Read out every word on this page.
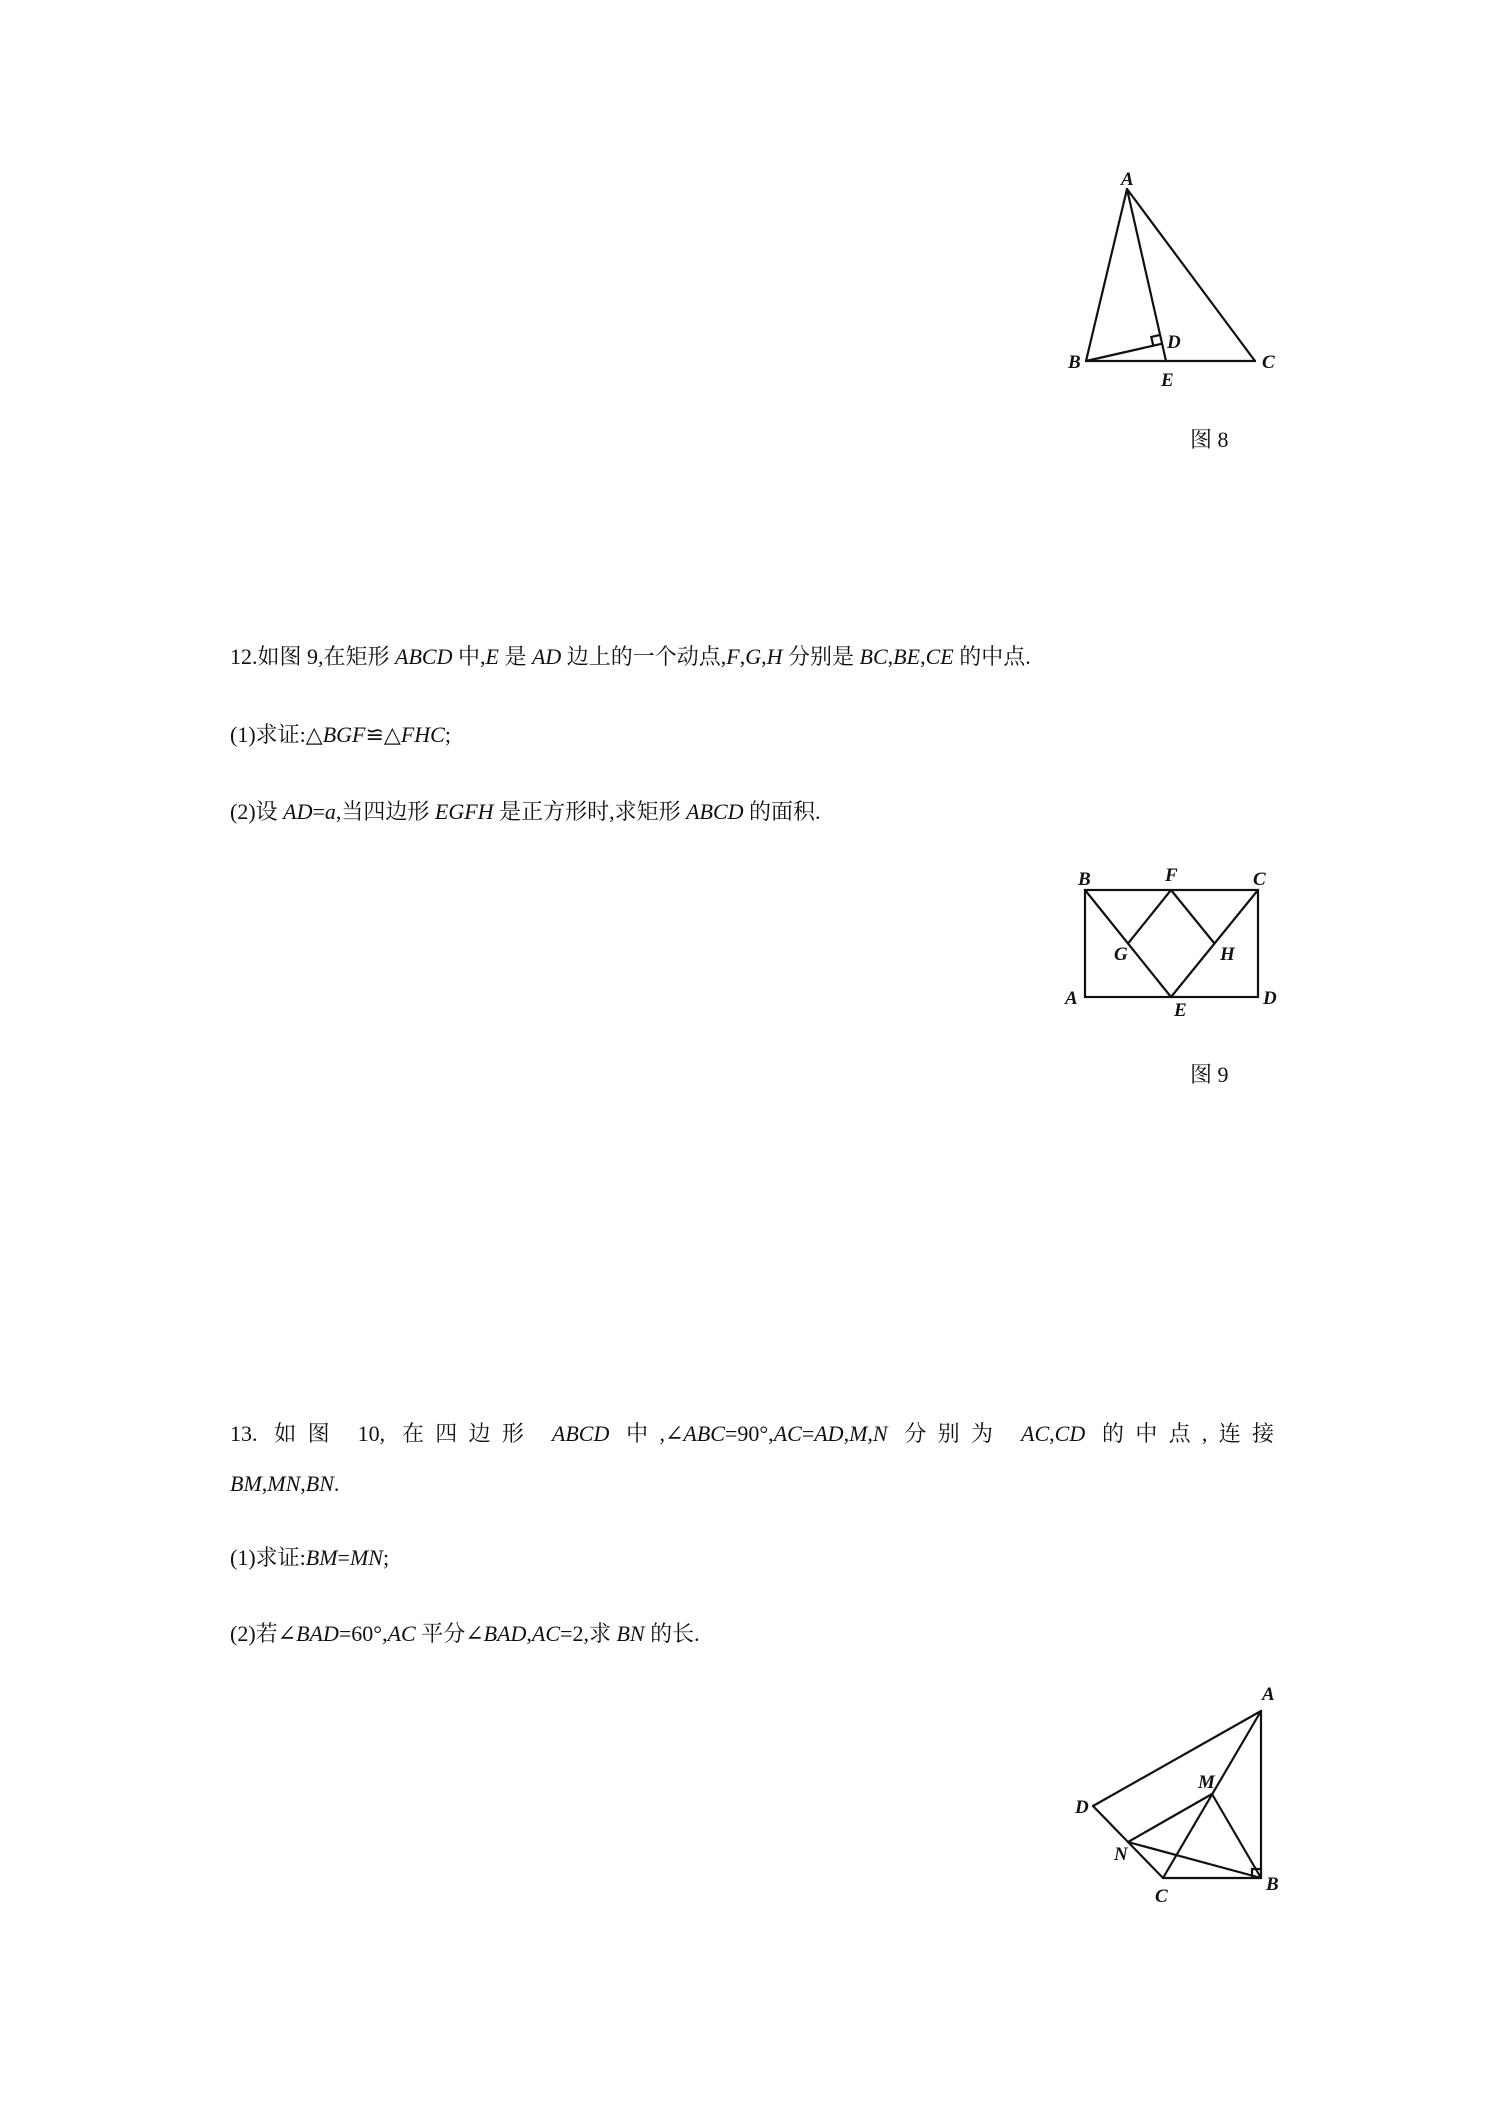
A
B	C
D
E
图 8
12.如图 9,在矩形 ABCD 中,E 是 AD 边上的一个动点,F,G,H 分别是 BC,BE,CE 的中点.
(1)求证:△BGF≌△FHC;
(2)设 AD=a,当四边形 EGFH 是正方形时,求矩形 ABCD 的面积.
B	F	C
G	H
A
E
D
图 9
13. 如图 10, 在四边形 ABCD 中,∠ABC=90°,AC=AD,M,N 分别为 AC,CD 的中点,连接
BM,MN,BN.
(1)求证:BM=MN;
(2)若∠BAD=60°,AC 平分∠BAD,AC=2,求 BN 的长.
A
D
M
N
C
B
